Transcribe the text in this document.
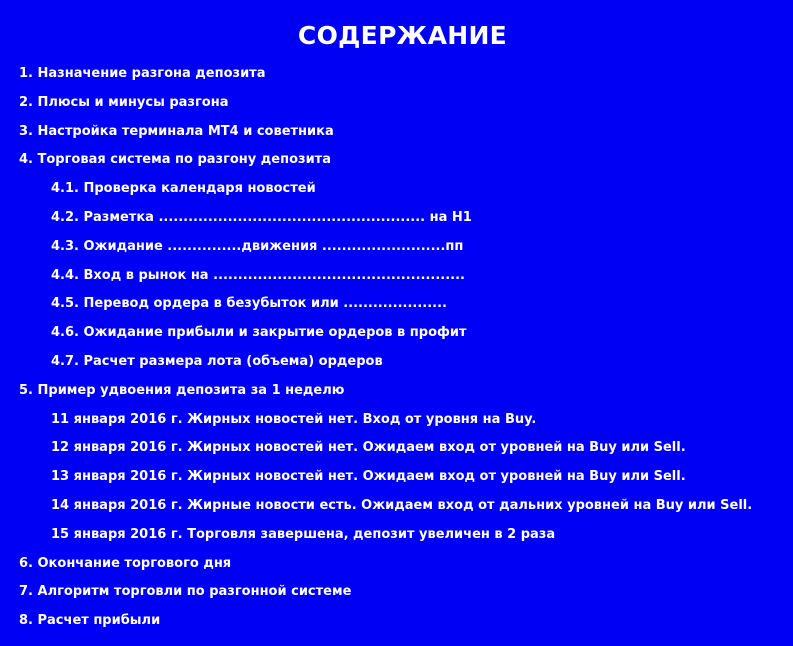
СОДЕРЖАНИЕ
1. Назначение разгона депозита
2. Плюсы и минусы разгона
3. Настройка терминала МТ4 и советника
4. Торговая система по разгону депозита
4.1. Проверка календаря новостей
4.2. Разметка ...................................................... на H1
4.3. Ожидание ...............движения .........................пп
4.4. Вход в рынок на ...................................................
4.5. Перевод ордера в безубыток или .....................
4.6. Ожидание прибыли и закрытие ордеров в профит
4.7. Расчет размера лота (объема) ордеров
5. Пример удвоения депозита за 1 неделю
11 января 2016 г. Жирных новостей нет. Вход от уровня на Buy.
12 января 2016 г. Жирных новостей нет. Ожидаем вход от уровней на Buy или Sell.
13 января 2016 г. Жирных новостей нет. Ожидаем вход от уровней на Buy или Sell.
14 января 2016 г. Жирные новости есть. Ожидаем вход от дальних уровней на Buy или Sell.
15 января 2016 г. Торговля завершена, депозит увеличен в 2 раза
6. Окончание торгового дня
7. Алгоритм торговли по разгонной системе
8. Расчет прибыли
